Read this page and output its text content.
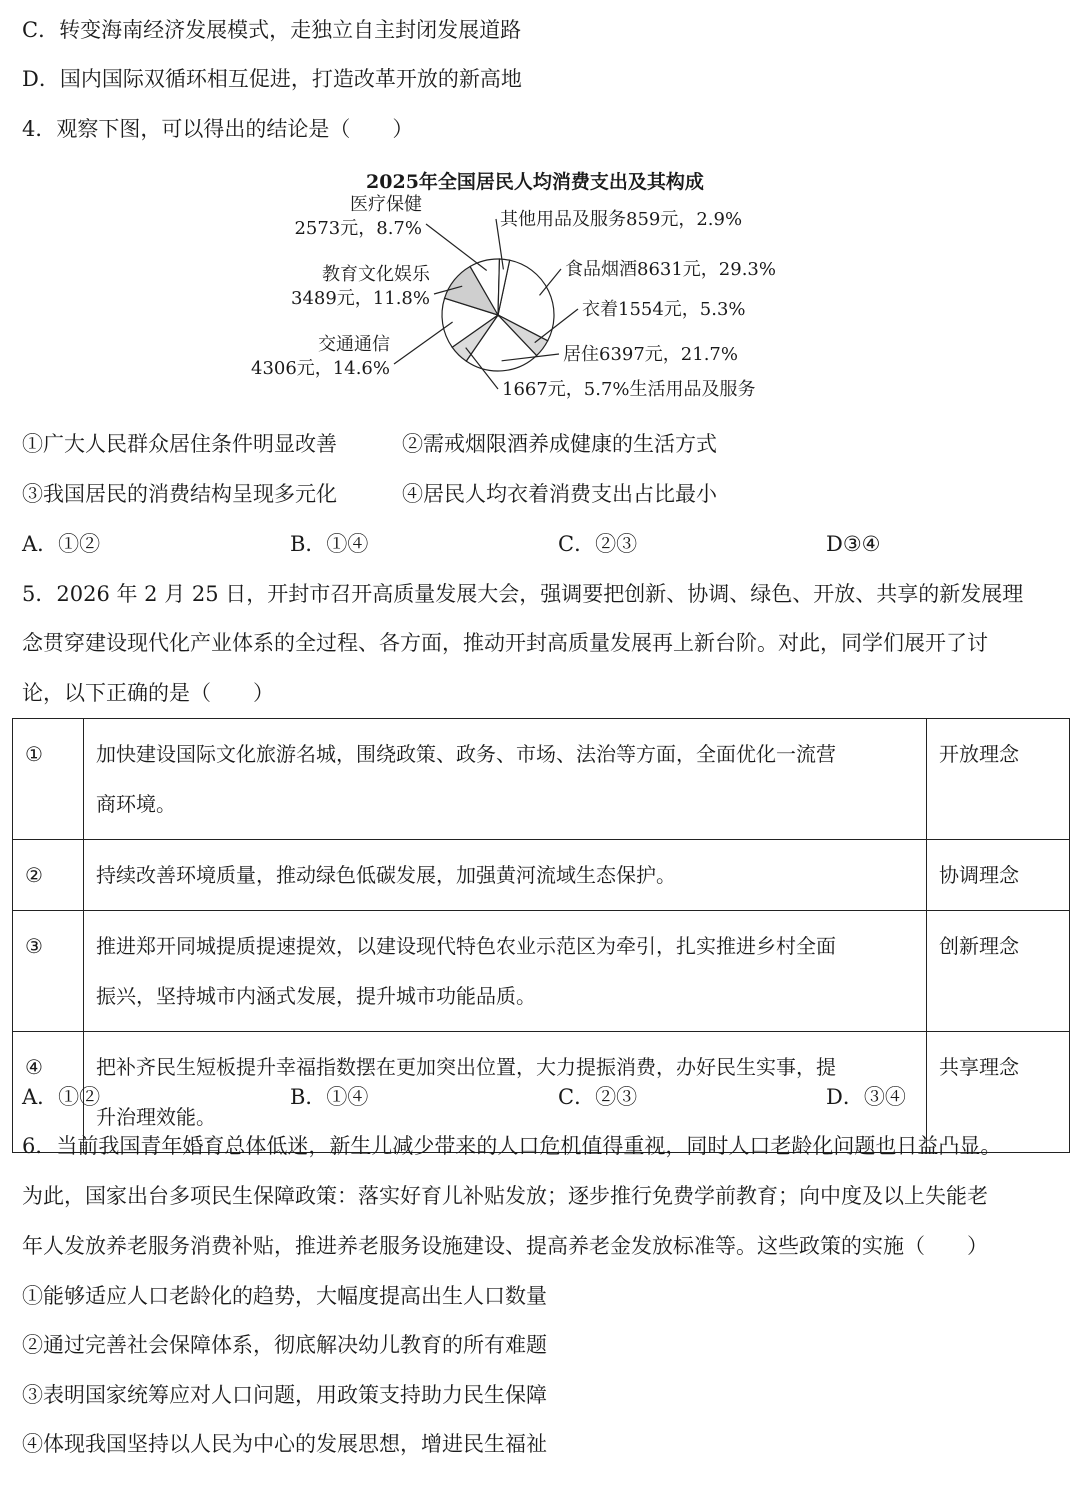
C．转变海南经济发展模式，走独立自主封闭发展道路
D．国内国际双循环相互促进，打造改革开放的新高地
4．观察下图，可以得出的结论是（　　）
2025年全国居民人均消费支出及其构成
食品烟酒8631元，29.3%
衣着1554元，5.3%
居住6397元，21.7%
1667元，5.7%生活用品及服务
交通通信
4306元，14.6%
教育文化娱乐
3489元，11.8%
医疗保健
2573元，8.7%	其他用品及服务859元，2.9%
①广大人民群众居住条件明显改善	②需戒烟限酒养成健康的生活方式
③我国居民的消费结构呈现多元化	④居民人均衣着消费支出占比最小
A．①②	B．①④	C．②③	D③④
5．2026 年 2 月 25 日，开封市召开高质量发展大会，强调要把创新、协调、绿色、开放、共享的新发展理
念贯穿建设现代化产业体系的全过程、各方面，推动开封高质量发展再上新台阶。对此，同学们展开了讨
论，以下正确的是（　　）
①	加快建设国际文化旅游名城，围绕政策、政务、市场、法治等方面，全面优化一流营
商环境。	开放理念
②	持续改善环境质量，推动绿色低碳发展，加强黄河流域生态保护。	协调理念
③	推进郑开同城提质提速提效，以建设现代特色农业示范区为牵引，扎实推进乡村全面
振兴，坚持城市内涵式发展，提升城市功能品质。	创新理念
④	把补齐民生短板提升幸福指数摆在更加突出位置，大力提振消费，办好民生实事，提
升治理效能。	共享理念
A．①②	B．①④	C．②③	D．③④
6．当前我国青年婚育总体低迷，新生儿减少带来的人口危机值得重视，同时人口老龄化问题也日益凸显。
为此，国家出台多项民生保障政策：落实好育儿补贴发放；逐步推行免费学前教育；向中度及以上失能老
年人发放养老服务消费补贴，推进养老服务设施建设、提高养老金发放标准等。这些政策的实施（　　）
①能够适应人口老龄化的趋势，大幅度提高出生人口数量
②通过完善社会保障体系，彻底解决幼儿教育的所有难题
③表明国家统筹应对人口问题，用政策支持助力民生保障
④体现我国坚持以人民为中心的发展思想，增进民生福祉
